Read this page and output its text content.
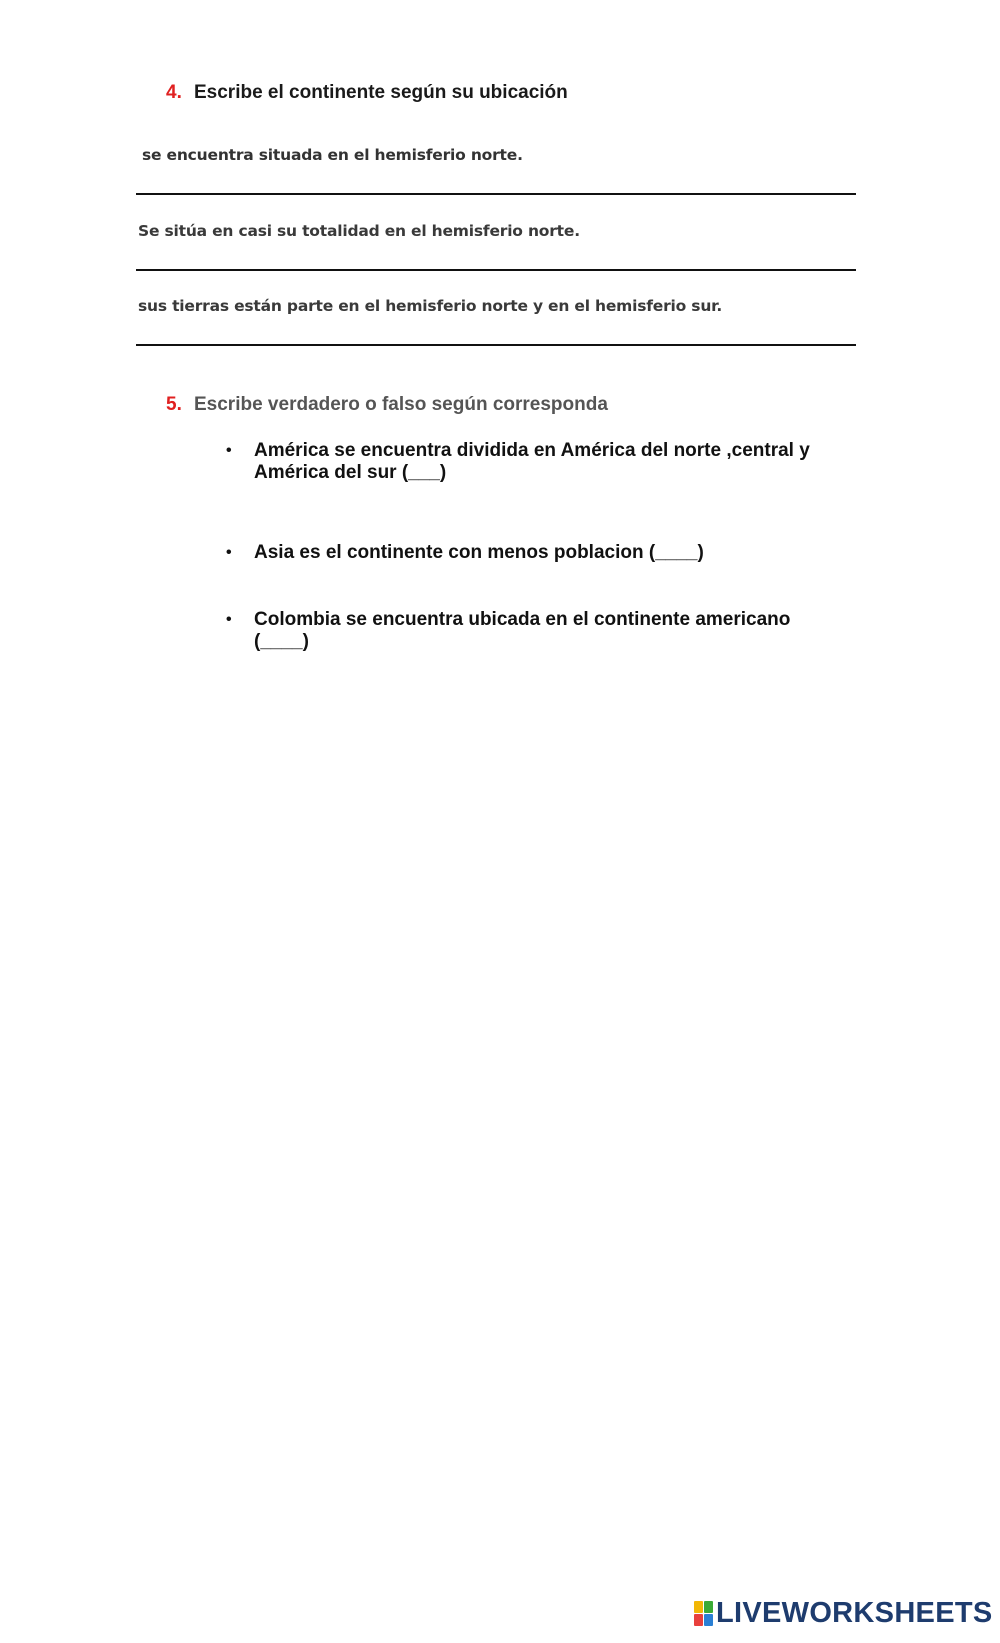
4. Escribe el continente según su ubicación
se encuentra situada en el hemisferio norte.
Se sitúa en casi su totalidad en el hemisferio norte.
sus tierras están parte en el hemisferio norte y en el hemisferio sur.
5. Escribe verdadero o falso según corresponda
• América se encuentra dividida en América del norte ,central y América del sur (___)
• Asia es el continente con menos poblacion (____)
• Colombia se encuentra ubicada en el continente americano (____)
LIVEWORKSHEETS
